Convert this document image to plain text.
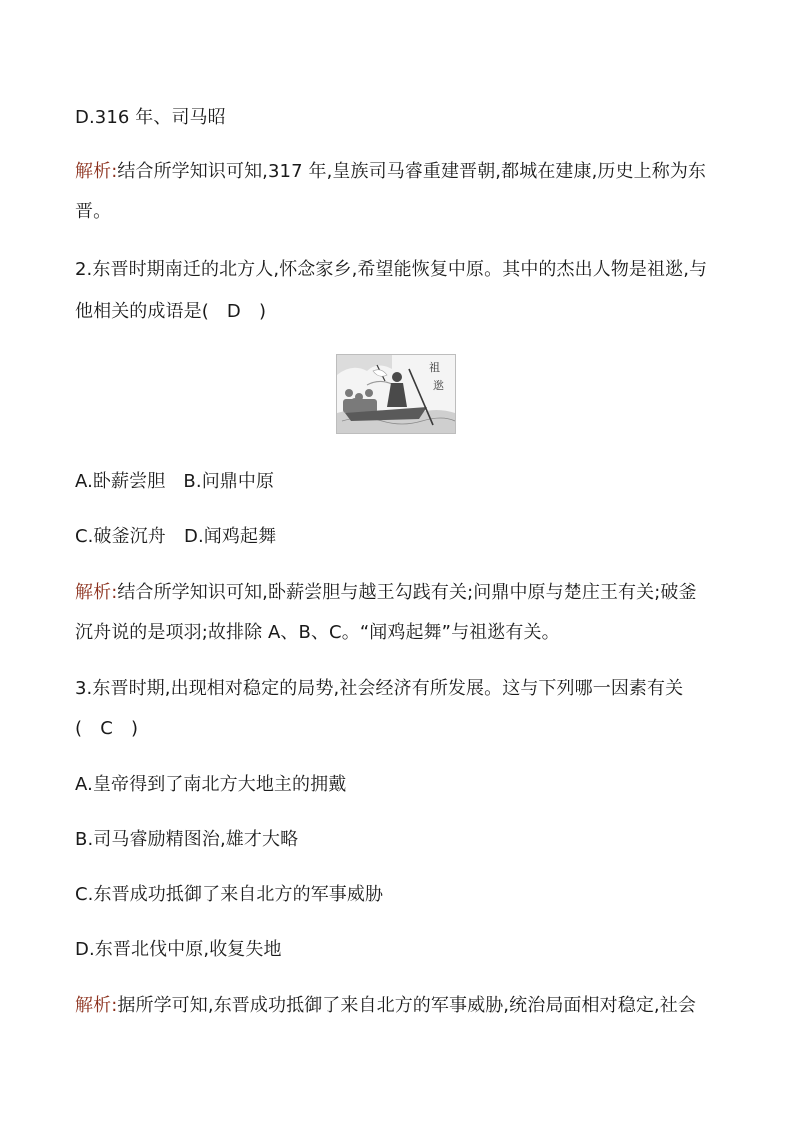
D.316 年、司马昭
解析:结合所学知识可知,317 年,皇族司马睿重建晋朝,都城在建康,历史上称为东
晋。
2.东晋时期南迁的北方人,怀念家乡,希望能恢复中原。其中的杰出人物是祖逖,与
他相关的成语是(　D　)
祖
逖
A.卧薪尝胆　B.问鼎中原
C.破釜沉舟　D.闻鸡起舞
解析:结合所学知识可知,卧薪尝胆与越王勾践有关;问鼎中原与楚庄王有关;破釜
沉舟说的是项羽;故排除 A、B、C。“闻鸡起舞”与祖逖有关。
3.东晋时期,出现相对稳定的局势,社会经济有所发展。这与下列哪一因素有关
(　C　)
A.皇帝得到了南北方大地主的拥戴
B.司马睿励精图治,雄才大略
C.东晋成功抵御了来自北方的军事威胁
D.东晋北伐中原,收复失地
解析:据所学可知,东晋成功抵御了来自北方的军事威胁,统治局面相对稳定,社会
